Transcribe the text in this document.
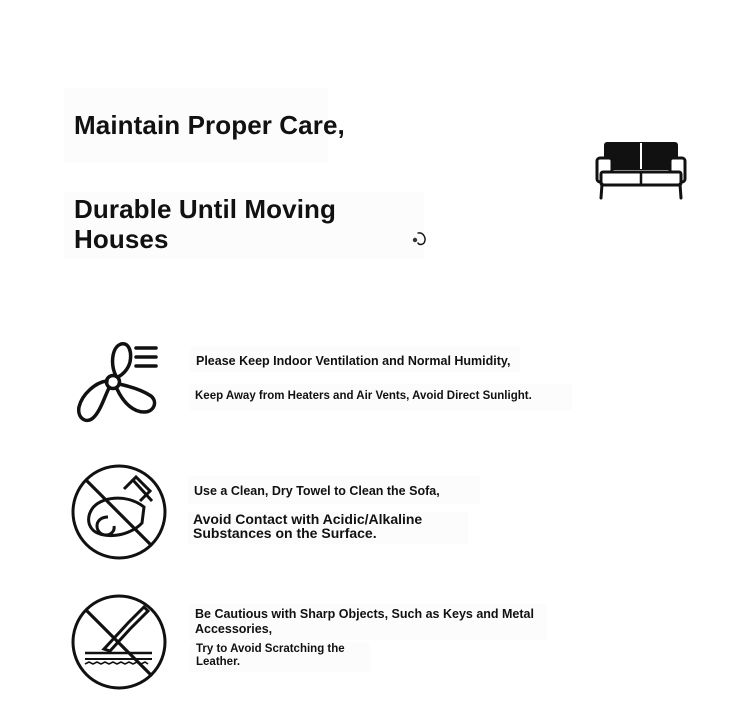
Maintain Proper Care,
Durable Until Moving Houses

Please Keep Indoor Ventilation and Normal Humidity,

Keep Away from Heaters and Air Vents, Avoid Direct Sunlight.

Use a Clean, Dry Towel to Clean the Sofa,

Avoid Contact with Acidic/Alkaline Substances on the Surface.

Be Cautious with Sharp Objects, Such as Keys and Metal Accessories,

Try to Avoid Scratching the Leather.
